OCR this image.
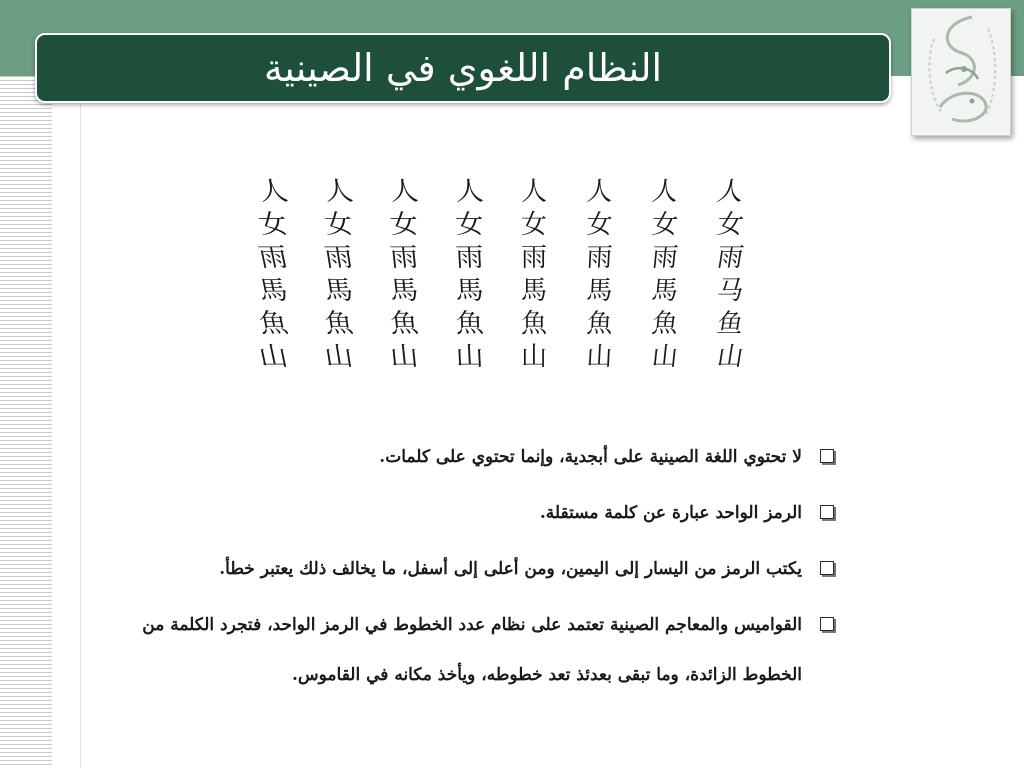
النظام اللغوي في الصينية
人
女
雨
马
鱼
山
人
女
雨
馬
魚
山
人
女
雨
馬
魚
山
人
女
雨
馬
魚
山
人
女
雨
馬
魚
山
人
女
雨
馬
魚
山
人
女
雨
馬
魚
山
人
女
雨
馬
魚
山
لا تحتوي اللغة الصينية على أبجدية، وإنما تحتوي على كلمات.
الرمز الواحد عبارة عن كلمة مستقلة.
يكتب الرمز من اليسار إلى اليمين، ومن أعلى إلى أسفل، ما يخالف ذلك يعتبر خطأ.
القواميس والمعاجم الصينية تعتمد على نظام عدد الخطوط في الرمز الواحد، فتجرد الكلمة من الخطوط الزائدة، وما تبقى بعدئذ تعد خطوطه، ويأخذ مكانه في القاموس.
